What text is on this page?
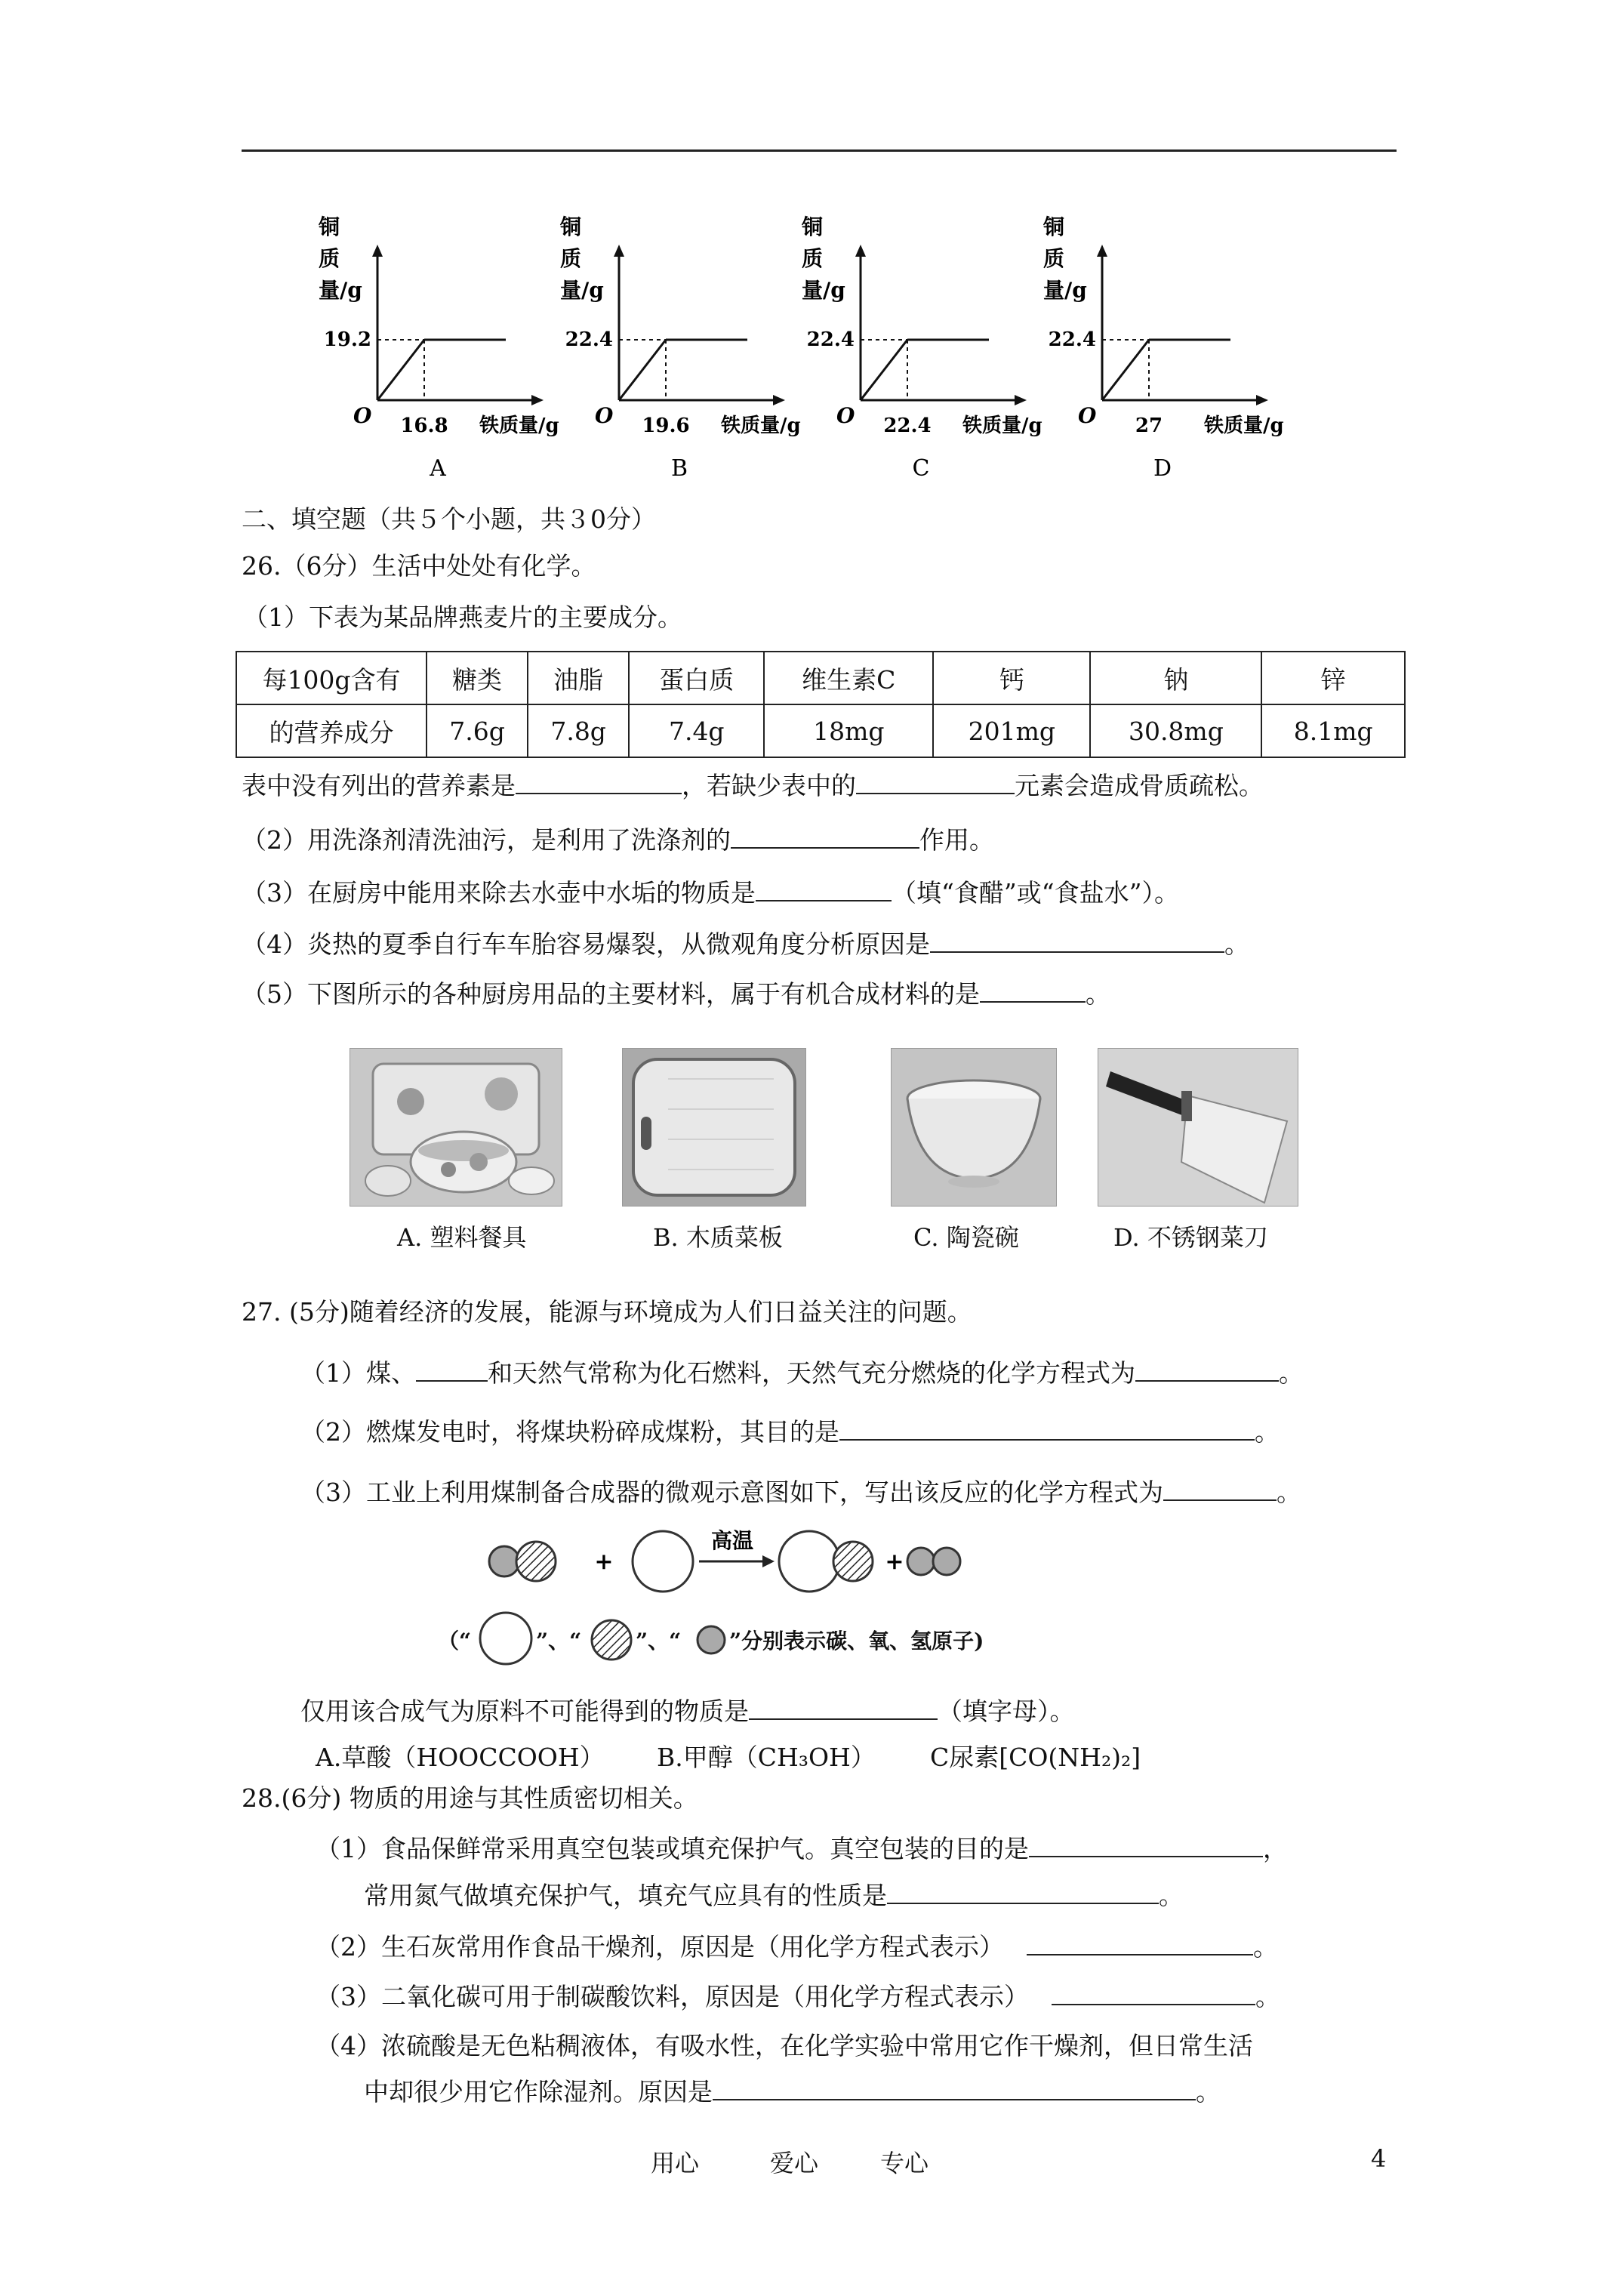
铜
质
量/g
O
19.2
16.8 铁质量/g
A
铜
质
量/g
O
22.4
19.6 铁质量/g
B
铜
质
量/g
O
22.4
22.4 铁质量/g
C
铜
质
量/g
O
22.4
27 铁质量/g
D
二、填空题（共５个小题，共３0分）
26.（6分）生活中处处有化学。
（1）下表为某品牌燕麦片的主要成分。
每100g含有	糖类	油脂	蛋白质	维生素C	钙	钠	锌
的营养成分	7.6g	7.8g	7.4g	18mg	201mg	30.8mg	8.1mg
表中没有列出的营养素是	，若缺少表中的	元素会造成骨质疏松。
（2）用洗涤剂清洗油污，是利用了洗涤剂的	作用。
（3）在厨房中能用来除去水壶中水垢的物质是	（填“食醋”或“食盐水”）。
（4）炎热的夏季自行车车胎容易爆裂，从微观角度分析原因是	。
（5）下图所示的各种厨房用品的主要材料，属于有机合成材料的是	。
A. 塑料餐具	B. 木质菜板	C. 陶瓷碗	D. 不锈钢菜刀
27. (5分)随着经济的发展，能源与环境成为人们日益关注的问题。
（1）煤、	和天然气常称为化石燃料，天然气充分燃烧的化学方程式为	。
（2）燃煤发电时，将煤块粉碎成煤粉，其目的是	。
（3）工业上利用煤制备合成器的微观示意图如下，写出该反应的化学方程式为	。
+
高温
+
（“	”、“	”、“ ”分别表示碳、氧、氢原子)
仅用该合成气为原料不可能得到的物质是	（填字母）。
A.草酸（HOOCCOOH） B.甲醇（CH₃OH） C尿素[CO(NH₂)₂]
28.(6分) 物质的用途与其性质密切相关。
（1）食品保鲜常采用真空包装或填充保护气。真空包装的目的是	，
常用氮气做填充保护气，填充气应具有的性质是	。
（2）生石灰常用作食品干燥剂，原因是（用化学方程式表示）	。
（3）二氧化碳可用于制碳酸饮料，原因是（用化学方程式表示）	。
（4）浓硫酸是无色粘稠液体，有吸水性，在化学实验中常用它作干燥剂，但日常生活
中却很少用它作除湿剂。原因是	。
用心	爱心	专心	4
